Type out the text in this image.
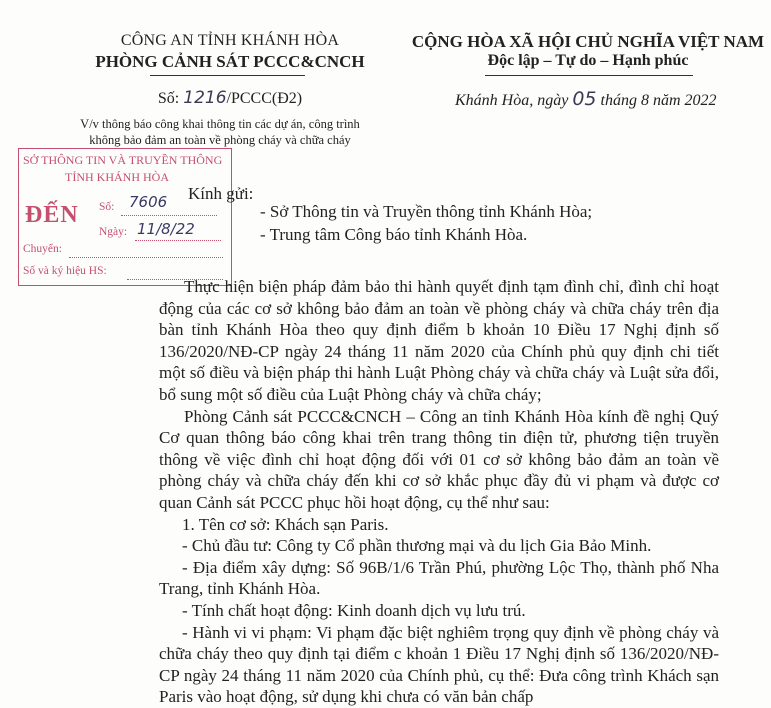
CÔNG AN TỈNH KHÁNH HÒA
PHÒNG CẢNH SÁT PCCC&CNCH
CỘNG HÒA XÃ HỘI CHỦ NGHĨA VIỆT NAM
Độc lập – Tự do – Hạnh phúc
Số: 1216/PCCC(Đ2)	Khánh Hòa, ngày 05 tháng 8 năm 2022
V/v thông báo công khai thông tin các dự án, công trình
không bảo đảm an toàn về phòng cháy và chữa cháy
SỞ THÔNG TIN VÀ TRUYỀN THÔNG
TỈNH KHÁNH HÒA
ĐẾN Số: 7606
Ngày: 11/8/22
Chuyển:
Số và ký hiệu HS:
Kính gửi:
- Sở Thông tin và Truyền thông tỉnh Khánh Hòa;
- Trung tâm Công báo tỉnh Khánh Hòa.

Thực hiện biện pháp đảm bảo thi hành quyết định tạm đình chỉ, đình chỉ hoạt động của các cơ sở không bảo đảm an toàn về phòng cháy và chữa cháy trên địa bàn tỉnh Khánh Hòa theo quy định điểm b khoản 10 Điều 17 Nghị định số 136/2020/NĐ-CP ngày 24 tháng 11 năm 2020 của Chính phủ quy định chi tiết một số điều và biện pháp thi hành Luật Phòng cháy và chữa cháy và Luật sửa đổi, bổ sung một số điều của Luật Phòng cháy và chữa cháy;

Phòng Cảnh sát PCCC&CNCH – Công an tỉnh Khánh Hòa kính đề nghị Quý Cơ quan thông báo công khai trên trang thông tin điện tử, phương tiện truyền thông về việc đình chỉ hoạt động đối với 01 cơ sở không bảo đảm an toàn về phòng cháy và chữa cháy đến khi cơ sở khắc phục đầy đủ vi phạm và được cơ quan Cảnh sát PCCC phục hồi hoạt động, cụ thể như sau:

1. Tên cơ sở: Khách sạn Paris.

- Chủ đầu tư: Công ty Cổ phần thương mại và du lịch Gia Bảo Minh.

- Địa điểm xây dựng: Số 96B/1/6 Trần Phú, phường Lộc Thọ, thành phố Nha Trang, tỉnh Khánh Hòa.

- Tính chất hoạt động: Kinh doanh dịch vụ lưu trú.

- Hành vi vi phạm: Vi phạm đặc biệt nghiêm trọng quy định về phòng cháy và chữa cháy theo quy định tại điểm c khoản 1 Điều 17 Nghị định số 136/2020/NĐ-CP ngày 24 tháng 11 năm 2020 của Chính phủ, cụ thể: Đưa công trình Khách sạn Paris vào hoạt động, sử dụng khi chưa có văn bản chấp
